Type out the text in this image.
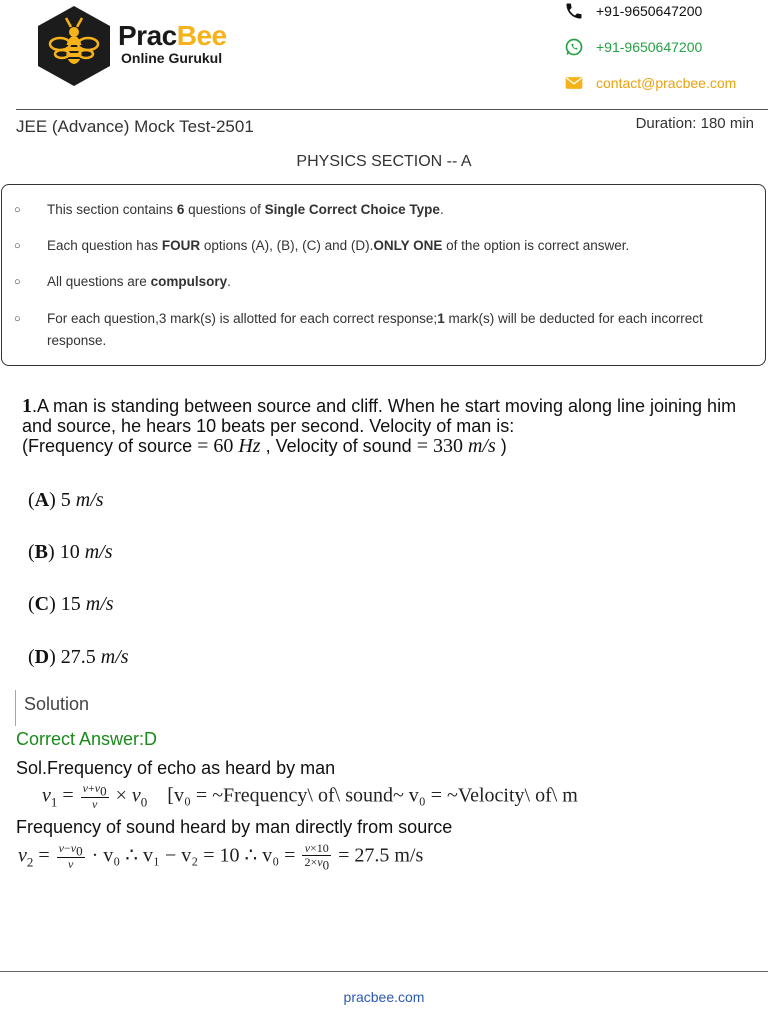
PracBee
Online Gurukul
+91-9650647200
+91-9650647200
contact@pracbee.com
JEE (Advance) Mock Test-2501	Duration: 180 min
PHYSICS SECTION -- A
○ This section contains 6 questions of Single Correct Choice Type.
○ Each question has FOUR options (A), (B), (C) and (D).ONLY ONE of the option is correct answer.
○ All questions are compulsory.
○ For each question,3 mark(s) is allotted for each correct response;1 mark(s) will be deducted for each incorrect response.
1.A man is standing between source and cliff. When he start moving along line joining him and source, he hears 10 beats per second. Velocity of man is:
(Frequency of source = 60 Hz , Velocity of sound = 330 m/s )
(A) 5 m/s
(B) 10 m/s
(C) 15 m/s
(D) 27.5 m/s
Solution
Correct Answer:D
Sol.Frequency of echo as heard by man
$v_1 = \frac{v+v_0}{v} \times v_0$ [v₀ = ~Frequency\ of\ sound~ v₀ = ~Velocity\ of\ m
Frequency of sound heard by man directly from source
$v_2 = \frac{v-v_0}{v} \cdot v_0$ ∴ v₁ − v₂ = 10 ∴ $v_0 = \frac{v\times 10}{2\times v_0} = 27.5$ m/s
pracbee.com
